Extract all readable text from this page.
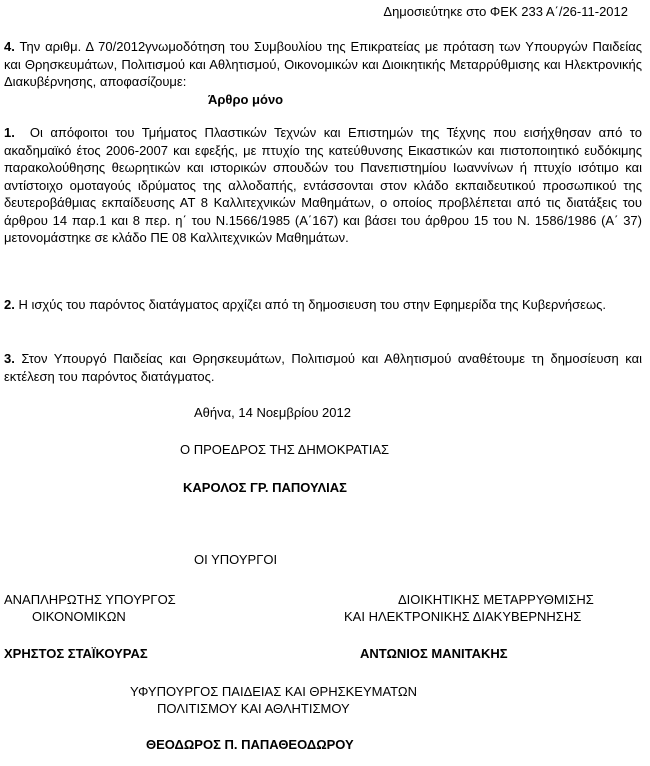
Δημοσιεύτηκε στο ΦΕΚ 233 Α΄/26-11-2012
4. Την αριθμ. Δ 70/2012γνωμοδότηση του Συμβουλίου της Επικρατείας με πρόταση των Υπουργών Παιδείας και Θρησκευμάτων, Πολιτισμού και Αθλητισμού, Οικονομικών και Διοικητικής Μεταρρύθμισης και Ηλεκτρονικής Διακυβέρνησης, αποφασίζουμε:
Άρθρο μόνο
1. Οι απόφοιτοι του Τμήματος Πλαστικών Τεχνών και Επιστημών της Τέχνης που εισήχθησαν από το ακαδημαϊκό έτος 2006-2007 και εφεξής, με πτυχίο της κατεύθυνσης Εικαστικών και πιστοποιητικό ευδόκιμης παρακολούθησης θεωρητικών και ιστορικών σπουδών του Πανεπιστημίου Ιωαννίνων ή πτυχίο ισότιμο και αντίστοιχο ομοταγούς ιδρύματος της αλλοδαπής, εντάσσονται στον κλάδο εκπαιδευτικού προσωπικού της δευτεροβάθμιας εκπαίδευσης ΑΤ 8 Καλλιτεχνικών Μαθημάτων, ο οποίος προβλέπεται από τις διατάξεις του άρθρου 14 παρ.1 και 8 περ. η΄ του Ν.1566/1985 (Α΄167) και βάσει του άρθρου 15 του Ν. 1586/1986 (Α΄ 37) μετονομάστηκε σε κλάδο ΠΕ 08 Καλλιτεχνικών Μαθημάτων.
2. Η ισχύς του παρόντος διατάγματος αρχίζει από τη δημοσιευση του στην Εφημερίδα της Κυβερνήσεως.
3. Στον Υπουργό Παιδείας και Θρησκευμάτων, Πολιτισμού και Αθλητισμού αναθέτουμε τη δημοσίευση και εκτέλεση του παρόντος διατάγματος.
Αθήνα, 14 Νοεμβρίου 2012
Ο ΠΡΟΕΔΡΟΣ ΤΗΣ ΔΗΜΟΚΡΑΤΙΑΣ
ΚΑΡΟΛΟΣ ΓΡ. ΠΑΠΟΥΛΙΑΣ
ΟΙ ΥΠΟΥΡΓΟΙ
ΑΝΑΠΛΗΡΩΤΗΣ ΥΠΟΥΡΓΟΣ
ΟΙΚΟΝΟΜΙΚΩΝ
ΧΡΗΣΤΟΣ ΣΤΑΪΚΟΥΡΑΣ
ΔΙΟΙΚΗΤΙΚΗΣ ΜΕΤΑΡΡΥΘΜΙΣΗΣ
ΚΑΙ ΗΛΕΚΤΡΟΝΙΚΗΣ ΔΙΑΚΥΒΕΡΝΗΣΗΣ
ΑΝΤΩΝΙΟΣ ΜΑΝΙΤΑΚΗΣ
ΥΦΥΠΟΥΡΓΟΣ ΠΑΙΔΕΙΑΣ ΚΑΙ ΘΡΗΣΚΕΥΜΑΤΩΝ
ΠΟΛΙΤΙΣΜΟΥ ΚΑΙ ΑΘΛΗΤΙΣΜΟΥ
ΘΕΟΔΩΡΟΣ Π. ΠΑΠΑΘΕΟΔΩΡΟΥ
